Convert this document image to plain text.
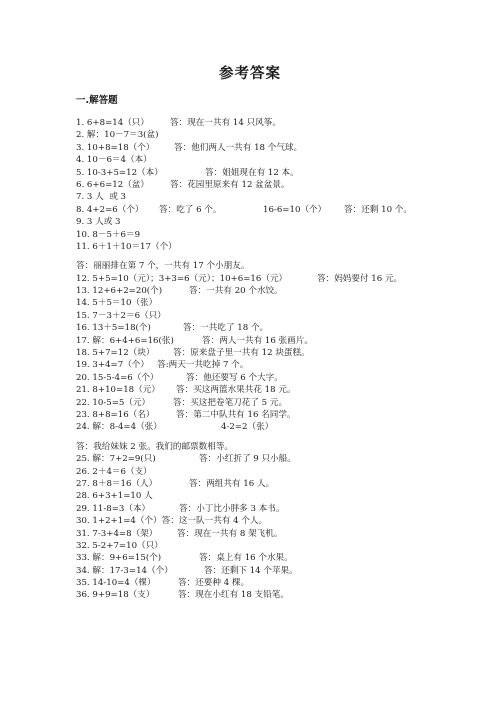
参考答案
一.解答题
1. 6+8=14（只） 答：现在一共有 14 只风筝。
2. 解：10－7＝3(盆)
3. 10+8=18（个） 答：他们两人一共有 18 个气球。
4. 10－6＝4（本）
5. 10-3+5=12（本）	答：姐姐现在有 12 本。
6. 6+6=12（盆） 答：花园里原来有 12 盆盆景。
7. 3 人  或 3
8. 4+2=6（个） 答：吃了 6 个。	16-6=10（个） 答：还剩 10 个。
9. 3 人或 3
10. 8－5＋6＝9
11. 6＋1＋10＝17（个）
答：丽丽排在第 7 个，一共有 17 个小朋友。
12. 5+5=10（元）；3+3=6（元）；10+6=16（元）	答：妈妈要付 16 元。
13. 12+6+2=20(个)	答：一共有 20 个水饺。
14. 5＋5＝10（张）
15. 7－3＋2＝6（只）
16. 13＋5=18(个)	答：一共吃了 18 个。
17. 解：6+4+6=16(张)	答：两人一共有 16 张画片。
18. 5+7=12（块） 答：原来盘子里一共有 12 块蛋糕。
19. 3+4=7（个）   答:两天一共吃掉 7 个。
20. 15-5-4=6（个）	答：他还要写 6 个大字。
21. 8+10=18（元） 答：买这两篮水果共花 18 元。
22. 10-5=5（元）	答：买这把卷笔刀花了 5 元。
23. 8+8=16（名）	答：第二中队共有 16 名同学。
24. 解：8-4=4（张）	4-2=2（张）
答：我给妹妹 2 张。我们的邮票数相等。
25. 解：7+2=9(只)	答：小红折了 9 只小船。
26. 2＋4＝6（支）
27. 8＋8＝16（人）	答：两组共有 16 人。
28. 6+3+1=10 人
29. 11-8=3（本）	答：小丁比小胖多 3 本书。
30. 1+2+1=4（个）答：这一队一共有 4 个人。
31. 7-3+4=8（架） 答：现在一共有 8 架飞机。
32. 5-2+7=10（只）
33. 解：9+6=15(个)	答：桌上有 16 个水果。
34. 解：17-3=14（个）	答：还剩下 14 个苹果。
35. 14-10=4（棵）	答：还要种 4 棵。
36. 9+9=18（支）	答：现在小红有 18 支铅笔。
